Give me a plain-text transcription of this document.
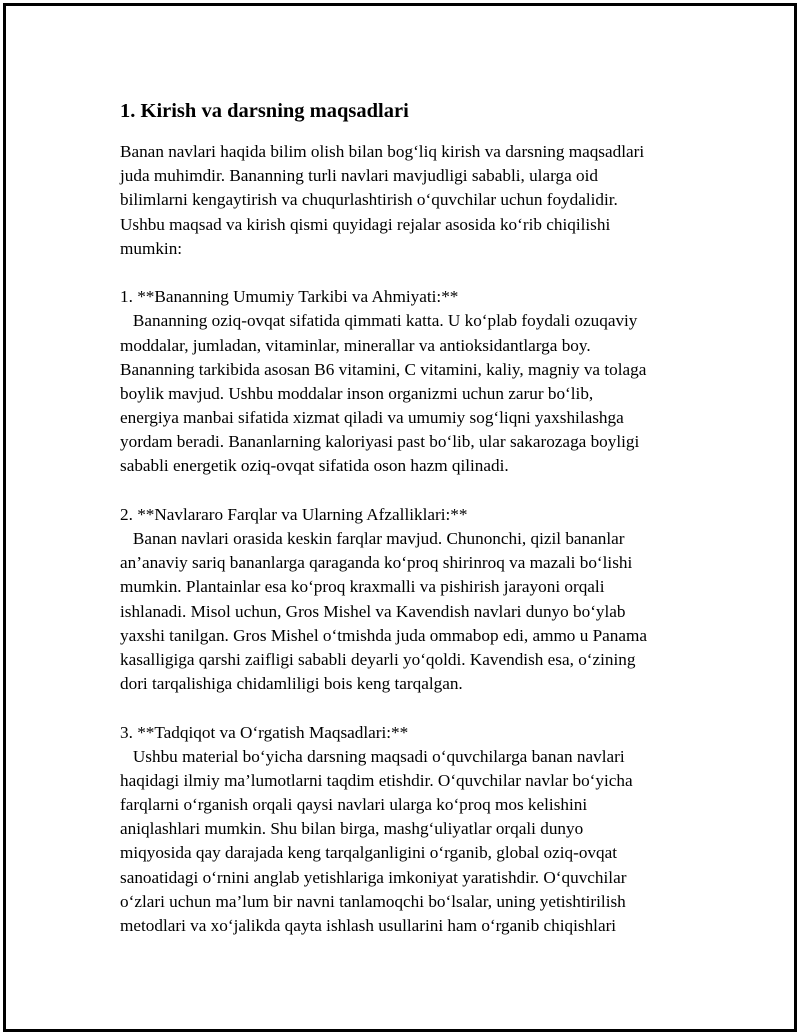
1. Kirish va darsning maqsadlari

Banan navlari haqida bilim olish bilan bog‘liq kirish va darsning maqsadlari

juda muhimdir. Bananning turli navlari mavjudligi sababli, ularga oid

bilimlarni kengaytirish va chuqurlashtirish o‘quvchilar uchun foydalidir.

Ushbu maqsad va kirish qismi quyidagi rejalar asosida ko‘rib chiqilishi

mumkin:

1. **Bananning Umumiy Tarkibi va Ahmiyati:**

Bananning oziq-ovqat sifatida qimmati katta. U ko‘plab foydali ozuqaviy

moddalar, jumladan, vitaminlar, minerallar va antioksidantlarga boy.

Bananning tarkibida asosan B6 vitamini, C vitamini, kaliy, magniy va tolaga

boylik mavjud. Ushbu moddalar inson organizmi uchun zarur bo‘lib,

energiya manbai sifatida xizmat qiladi va umumiy sog‘liqni yaxshilashga

yordam beradi. Bananlarning kaloriyasi past bo‘lib, ular sakarozaga boyligi

sababli energetik oziq-ovqat sifatida oson hazm qilinadi.

2. **Navlararo Farqlar va Ularning Afzalliklari:**

Banan navlari orasida keskin farqlar mavjud. Chunonchi, qizil bananlar

an’anaviy sariq bananlarga qaraganda ko‘proq shirinroq va mazali bo‘lishi

mumkin. Plantainlar esa ko‘proq kraxmalli va pishirish jarayoni orqali

ishlanadi. Misol uchun, Gros Mishel va Kavendish navlari dunyo bo‘ylab

yaxshi tanilgan. Gros Mishel o‘tmishda juda ommabop edi, ammo u Panama

kasalligiga qarshi zaifligi sababli deyarli yo‘qoldi. Kavendish esa, o‘zining

dori tarqalishiga chidamliligi bois keng tarqalgan.

3. **Tadqiqot va O‘rgatish Maqsadlari:**

Ushbu material bo‘yicha darsning maqsadi o‘quvchilarga banan navlari

haqidagi ilmiy ma’lumotlarni taqdim etishdir. O‘quvchilar navlar bo‘yicha

farqlarni o‘rganish orqali qaysi navlari ularga ko‘proq mos kelishini

aniqlashlari mumkin. Shu bilan birga, mashg‘uliyatlar orqali dunyo

miqyosida qay darajada keng tarqalganligini o‘rganib, global oziq-ovqat

sanoatidagi o‘rnini anglab yetishlariga imkoniyat yaratishdir. O‘quvchilar

o‘zlari uchun ma’lum bir navni tanlamoqchi bo‘lsalar, uning yetishtirilish

metodlari va xo‘jalikda qayta ishlash usullarini ham o‘rganib chiqishlari
